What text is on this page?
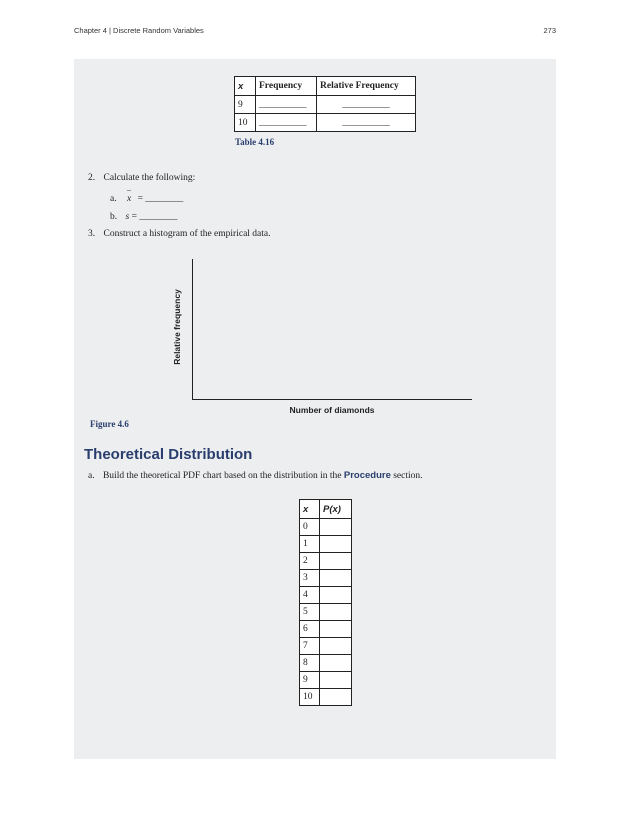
Chapter 4 | Discrete Random Variables	273
x	Frequency	Relative Frequency
9	__________	__________
10	__________	__________
Table 4.16
2. Calculate the following:
a.
–
x = ________
b. s = ________
3. Construct a histogram of the empirical data.
Relative frequency
Number of diamonds
Figure 4.6
Theoretical Distribution
a. Build the theoretical PDF chart based on the distribution in the Procedure section.
x	P(x)
0	
1	
2	
3	
4	
5	
6	
7	
8	
9	
10	
